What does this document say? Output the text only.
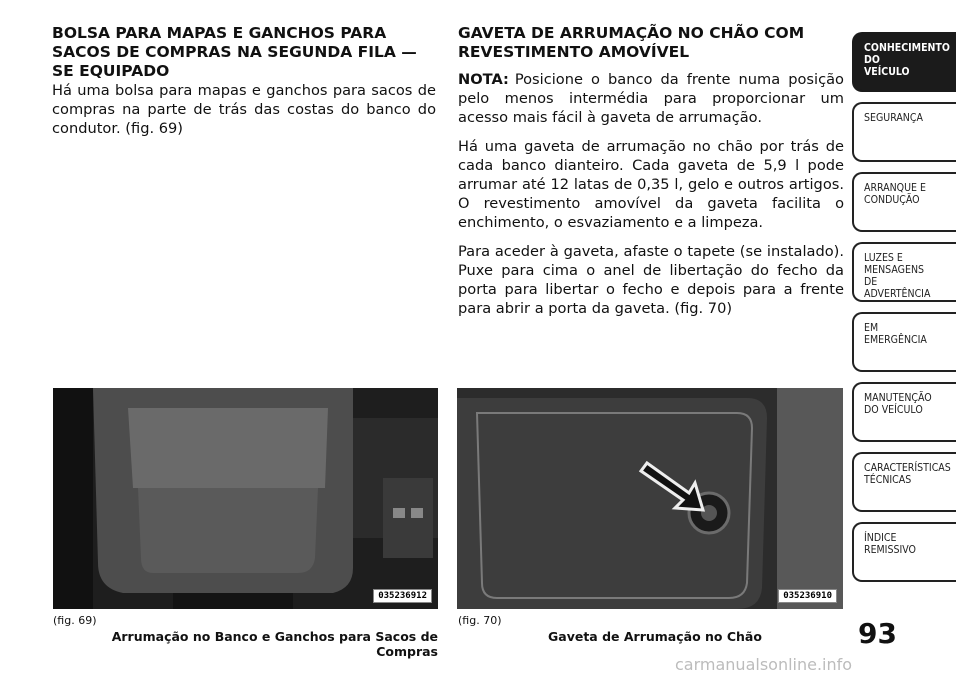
BOLSA PARA MAPAS E GANCHOS PARA SACOS DE COMPRAS NA SEGUNDA FILA — SE EQUIPADO

Há uma bolsa para mapas e ganchos para sacos de compras na parte de trás das costas do banco do condutor. (fig. 69)

GAVETA DE ARRUMAÇÃO NO CHÃO COM REVESTIMENTO AMOVÍVEL

NOTA: Posicione o banco da frente numa posição pelo menos intermédia para proporcionar um acesso mais fácil à gaveta de arrumação.

Há uma gaveta de arrumação no chão por trás de cada banco dianteiro. Cada gaveta de 5,9 l pode arrumar até 12 latas de 0,35 l, gelo e outros artigos. O revestimento amovível da gaveta facilita o enchimento, o esvaziamento e a limpeza.

Para aceder à gaveta, afaste o tapete (se instalado). Puxe para cima o anel de libertação do fecho da porta para libertar o fecho e depois para a frente para abrir a porta da gaveta. (fig. 70)

035236912	035236910
(fig. 69)
Arrumação no Banco e Ganchos para Sacos de Compras
(fig. 70)
Gaveta de Arrumação no Chão	93
carmanualsonline.info
CONHECIMENTO
DO
VEÍCULO
SEGURANÇA
ARRANQUE E
CONDUÇÃO
LUZES E
MENSAGENS
DE
ADVERTÊNCIA
EM
EMERGÊNCIA
MANUTENÇÃO
DO VEÍCULO
CARACTERÍSTICAS
TÉCNICAS
ÍNDICE
REMISSIVO
